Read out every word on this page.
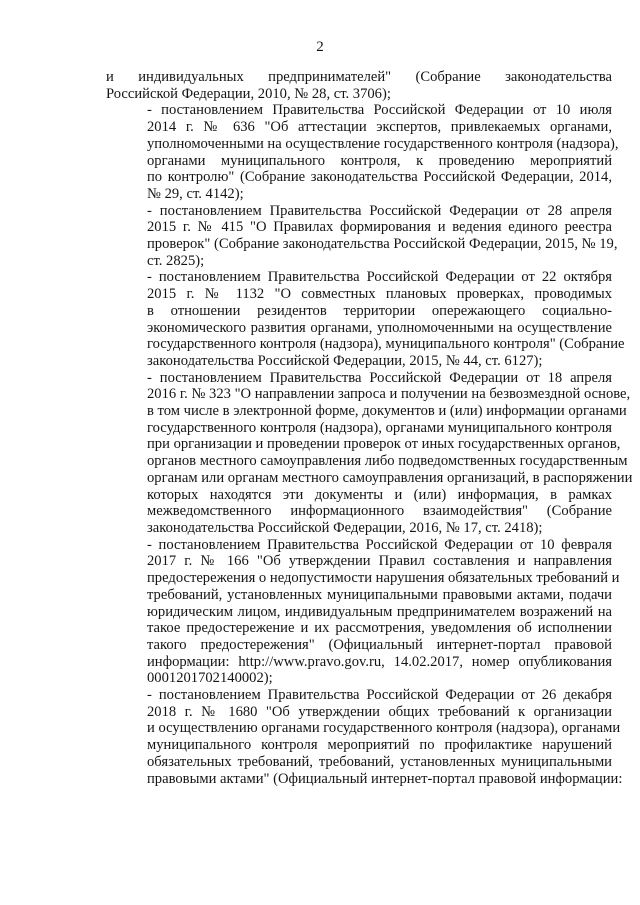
2
и индивидуальных предпринимателей" (Собрание законодательства
Российской Федерации, 2010, № 28, ст. 3706);
- постановлением Правительства Российской Федерации от 10 июля
2014 г. № 636 "Об аттестации экспертов, привлекаемых органами,
уполномоченными на осуществление государственного контроля (надзора),
органами муниципального контроля, к проведению мероприятий
по контролю" (Собрание законодательства Российской Федерации, 2014,
№ 29, ст. 4142);
- постановлением Правительства Российской Федерации от 28 апреля
2015 г. № 415 "О Правилах формирования и ведения единого реестра
проверок" (Собрание законодательства Российской Федерации, 2015, № 19,
ст. 2825);
- постановлением Правительства Российской Федерации от 22 октября
2015 г. № 1132 "О совместных плановых проверках, проводимых
в отношении резидентов территории опережающего социально-
экономического развития органами, уполномоченными на осуществление
государственного контроля (надзора), муниципального контроля" (Собрание
законодательства Российской Федерации, 2015, № 44, ст. 6127);
- постановлением Правительства Российской Федерации от 18 апреля
2016 г. № 323 "О направлении запроса и получении на безвозмездной основе,
в том числе в электронной форме, документов и (или) информации органами
государственного контроля (надзора), органами муниципального контроля
при организации и проведении проверок от иных государственных органов,
органов местного самоуправления либо подведомственных государственным
органам или органам местного самоуправления организаций, в распоряжении
которых находятся эти документы и (или) информация, в рамках
межведомственного информационного взаимодействия" (Собрание
законодательства Российской Федерации, 2016, № 17, ст. 2418);
- постановлением Правительства Российской Федерации от 10 февраля
2017 г. № 166 "Об утверждении Правил составления и направления
предостережения о недопустимости нарушения обязательных требований и
требований, установленных муниципальными правовыми актами, подачи
юридическим лицом, индивидуальным предпринимателем возражений на
такое предостережение и их рассмотрения, уведомления об исполнении
такого предостережения" (Официальный интернет-портал правовой
информации: http://www.pravo.gov.ru, 14.02.2017, номер опубликования
0001201702140002);
- постановлением Правительства Российской Федерации от 26 декабря
2018 г. № 1680 "Об утверждении общих требований к организации
и осуществлению органами государственного контроля (надзора), органами
муниципального контроля мероприятий по профилактике нарушений
обязательных требований, требований, установленных муниципальными
правовыми актами" (Официальный интернет-портал правовой информации:
